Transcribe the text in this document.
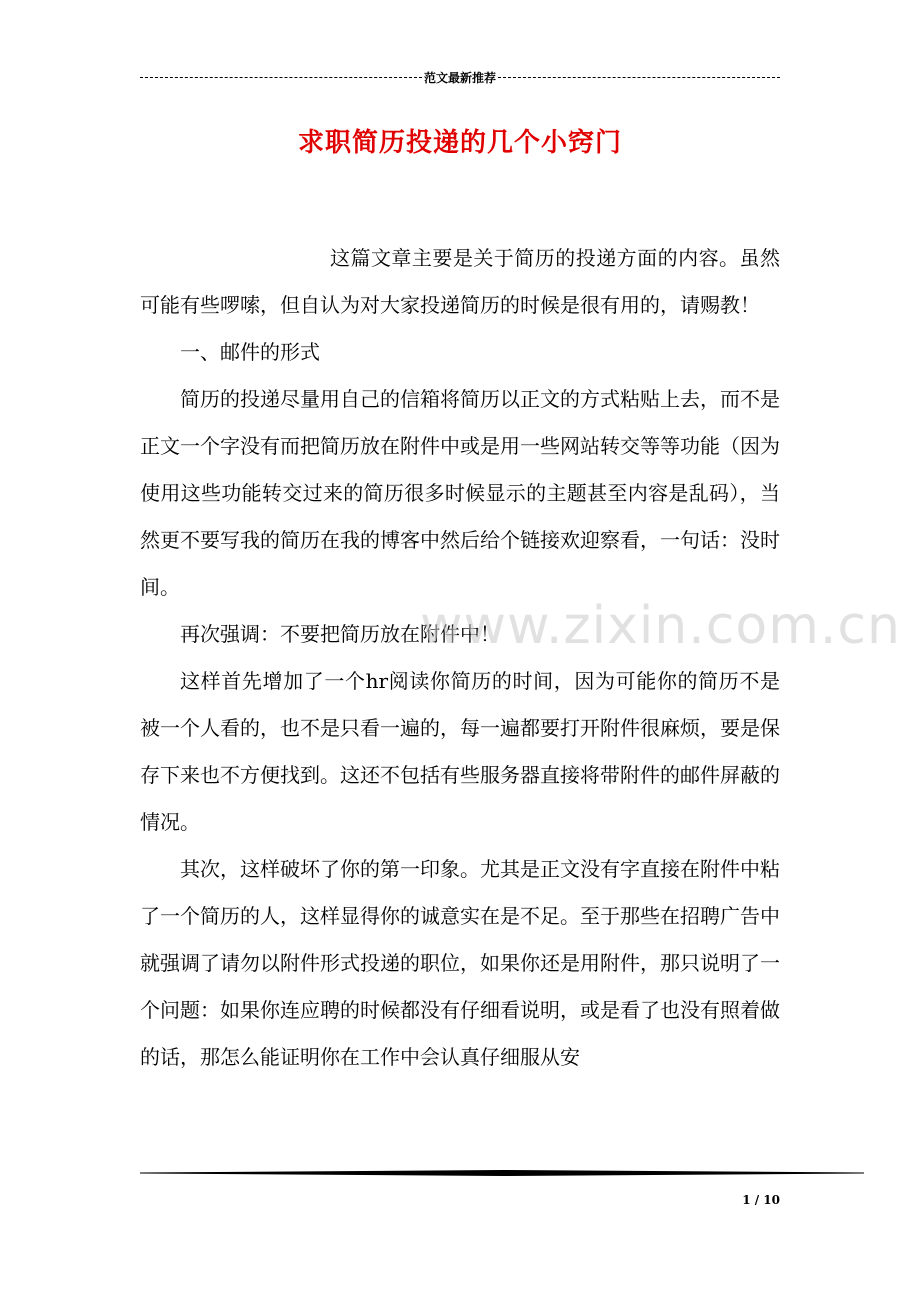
范文最新推荐
求职简历投递的几个小窍门

这篇文章主要是关于简历的投递方面的内容。虽然可能有些啰嗦，但自认为对大家投递简历的时候是很有用的，请赐教！

一、邮件的形式

简历的投递尽量用自己的信箱将简历以正文的方式粘贴上去，而不是正文一个字没有而把简历放在附件中或是用一些网站转交等等功能（因为使用这些功能转交过来的简历很多时候显示的主题甚至内容是乱码），当然更不要写我的简历在我的博客中然后给个链接欢迎察看，一句话：没时间。

再次强调：不要把简历放在附件中！

这样首先增加了一个hr阅读你简历的时间，因为可能你的简历不是被一个人看的，也不是只看一遍的，每一遍都要打开附件很麻烦，要是保存下来也不方便找到。这还不包括有些服务器直接将带附件的邮件屏蔽的情况。

其次，这样破坏了你的第一印象。尤其是正文没有字直接在附件中粘了一个简历的人，这样显得你的诚意实在是不足。至于那些在招聘广告中就强调了请勿以附件形式投递的职位，如果你还是用附件，那只说明了一个问题：如果你连应聘的时候都没有仔细看说明，或是看了也没有照着做的话，那怎么能证明你在工作中会认真仔细服从安

www.zixin.com.cn
1 / 10
